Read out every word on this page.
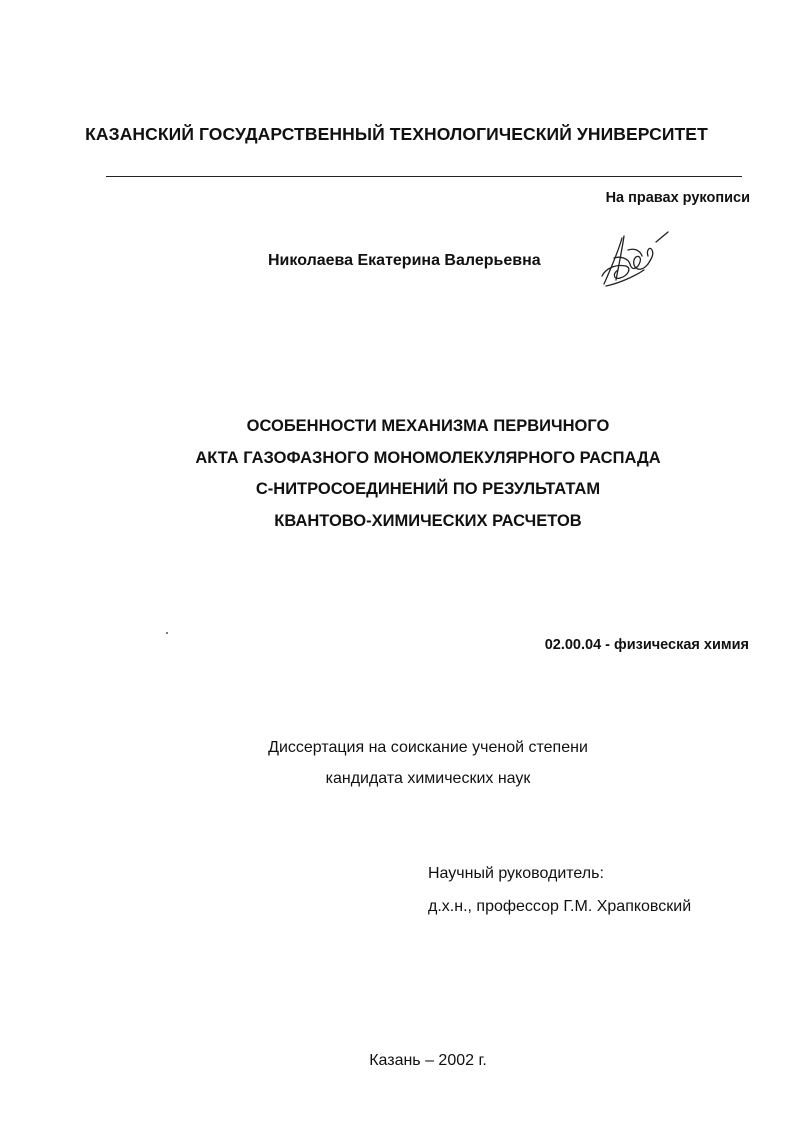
КАЗАНСКИЙ ГОСУДАРСТВЕННЫЙ ТЕХНОЛОГИЧЕСКИЙ УНИВЕРСИТЕТ
На правах рукописи
Николаева Екатерина Валерьевна
ОСОБЕННОСТИ МЕХАНИЗМА ПЕРВИЧНОГО
АКТА ГАЗОФАЗНОГО МОНОМОЛЕКУЛЯРНОГО РАСПАДА
С-НИТРОСОЕДИНЕНИЙ ПО РЕЗУЛЬТАТАМ
КВАНТОВО-ХИМИЧЕСКИХ РАСЧЕТОВ
02.00.04 - физическая химия
Диссертация на соискание ученой степени
кандидата химических наук
Научный руководитель:
д.х.н., профессор Г.М. Храпковский
Казань – 2002 г.
